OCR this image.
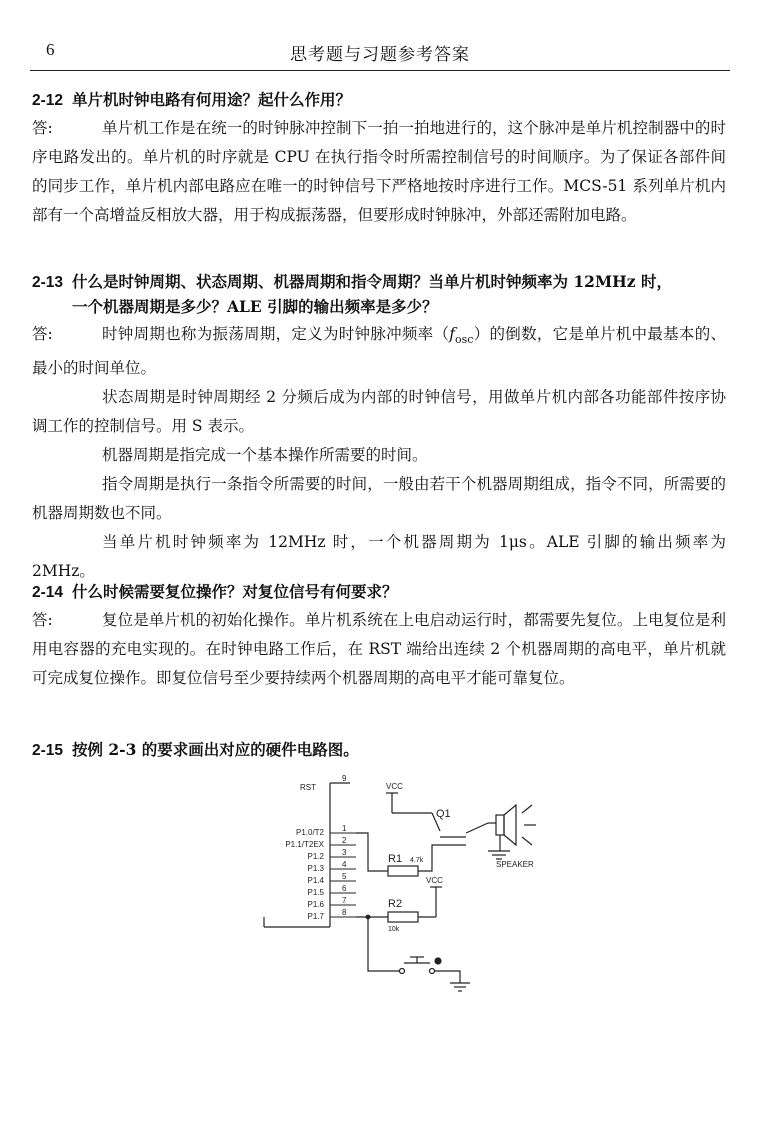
6	思考题与习题参考答案
2-12 单片机时钟电路有何用途？起什么作用？
答:	单片机工作是在统一的时钟脉冲控制下一拍一拍地进行的，这个脉冲是单片机控制器中的时序电路发出的。单片机的时序就是 CPU 在执行指令时所需控制信号的时间顺序。为了保证各部件间的同步工作，单片机内部电路应在唯一的时钟信号下严格地按时序进行工作。MCS-51 系列单片机内部有一个高增益反相放大器，用于构成振荡器，但要形成时钟脉冲，外部还需附加电路。

2-13 什么是时钟周期、状态周期、机器周期和指令周期？当单片机时钟频率为 12MHz 时，
一个机器周期是多少？ALE 引脚的输出频率是多少？
答:	时钟周期也称为振荡周期，定义为时钟脉冲频率$(f_{osc})$的倒数，它是单片机中最基本的、最小的时间单位。

状态周期是时钟周期经 2 分频后成为内部的时钟信号，用做单片机内部各功能部件按序协调工作的控制信号。用 S 表示。

机器周期是指完成一个基本操作所需要的时间。

指令周期是执行一条指令所需要的时间，一般由若干个机器周期组成，指令不同，所需要的机器周期数也不同。

当单片机时钟频率为 12MHz 时，一个机器周期为 1μs。ALE 引脚的输出频率为 2MHz。

2-14 什么时候需要复位操作？对复位信号有何要求？
答:	复位是单片机的初始化操作。单片机系统在上电启动运行时，都需要先复位。上电复位是利用电容器的充电实现的。在时钟电路工作后，在 RST 端给出连续 2 个机器周期的高电平，单片机就可完成复位操作。即复位信号至少要持续两个机器周期的高电平才能可靠复位。

2-15 按例 2-3 的要求画出对应的硬件电路图。
RST
9
P1.0/T2
P1.1/T2EX
P1.2
P1.3
P1.4
P1.5
P1.6
P1.7
1
2
3
4
5
6
7
8
R1 4.7k
VCC
Q1
SPEAKER
VCC
R2
10k
